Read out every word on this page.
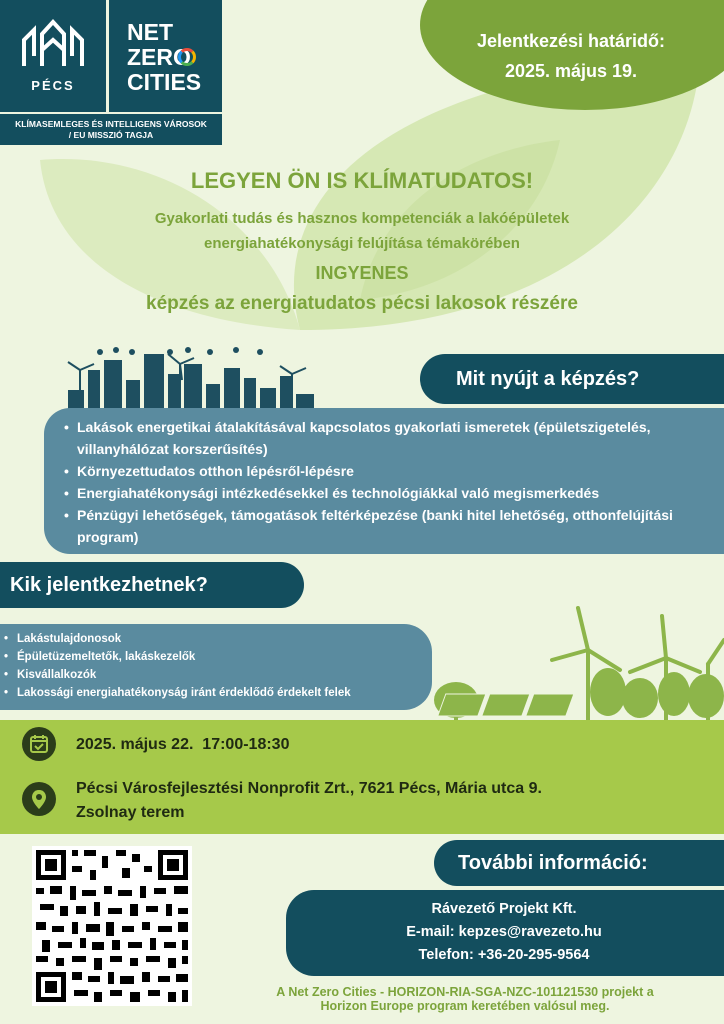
PÉCS
NET
ZERO
CITIES
KLÍMASEMLEGES ÉS INTELLIGENS VÁROSOK
/ EU MISSZIÓ TAGJA
Jelentkezési határidő:
2025. május 19.
LEGYEN ÖN IS KLÍMATUDATOS!
Gyakorlati tudás és hasznos kompetenciák a lakóépületek
energiahatékonysági felújítása témakörében
INGYENES
képzés az energiatudatos pécsi lakosok részére
Mit nyújt a képzés?
• Lakások energetikai átalakításával kapcsolatos gyakorlati ismeretek (épületszigetelés, villanyhálózat korszerűsítés)
• Környezettudatos otthon lépésről-lépésre
• Energiahatékonysági intézkedésekkel és technológiákkal való megismerkedés
• Pénzügyi lehetőségek, támogatások feltérképezése (banki hitel lehetőség, otthonfelújítási program)
Kik jelentkezhetnek?
• Lakástulajdonosok
• Épületüzemeltetők, lakáskezelők
• Kisvállalkozók
• Lakossági energiahatékonyság iránt érdeklődő érdekelt felek
2025. május 22.  17:00-18:30
Pécsi Városfejlesztési Nonprofit Zrt., 7621 Pécs, Mária utca 9.
Zsolnay terem
További információ:
Rávezető Projekt Kft.
E-mail: kepzes@ravezeto.hu
Telefon: +36-20-295-9564
A Net Zero Cities - HORIZON-RIA-SGA-NZC-101121530 projekt a
Horizon Europe program keretében valósul meg.
